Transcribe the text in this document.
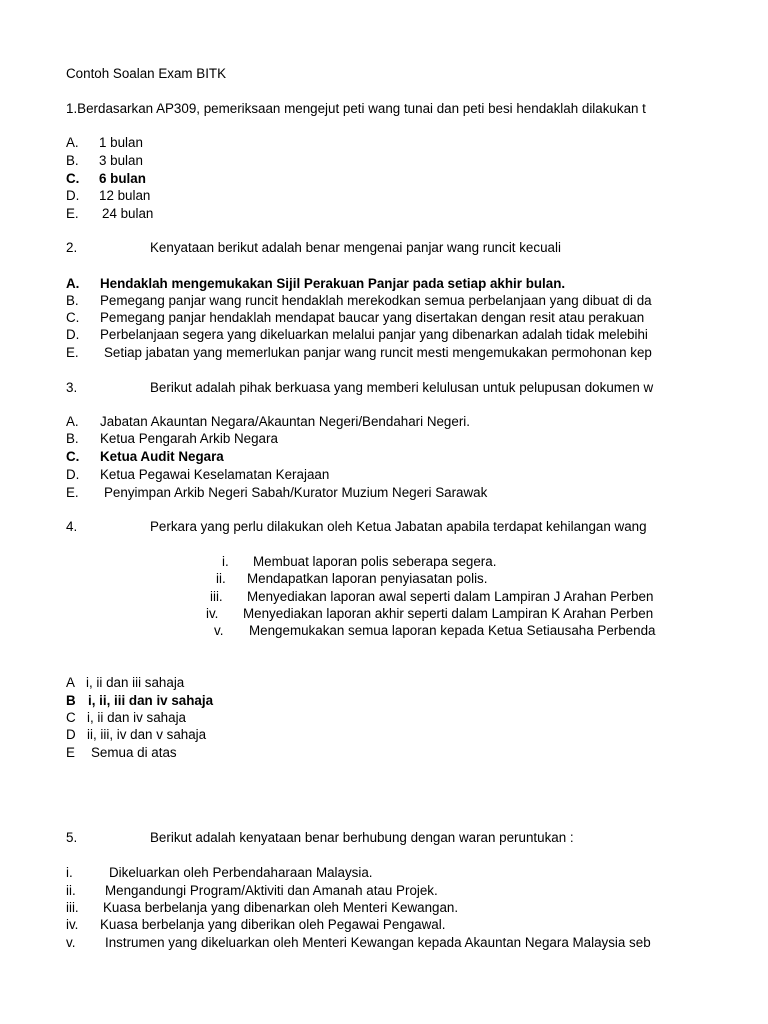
Contoh Soalan Exam BITK
1.Berdasarkan AP309, pemeriksaan mengejut peti wang tunai dan peti besi hendaklah dilakukan t
A. 1 bulan
B. 3 bulan
C. 6 bulan
D. 12 bulan
E. 24 bulan
2.	Kenyataan berikut adalah benar mengenai panjar wang runcit kecuali
A. Hendaklah mengemukakan Sijil Perakuan Panjar pada setiap akhir bulan.
B. Pemegang panjar wang runcit hendaklah merekodkan semua perbelanjaan yang dibuat di da
C. Pemegang panjar hendaklah mendapat baucar yang disertakan dengan resit atau perakuan
D. Perbelanjaan segera yang dikeluarkan melalui panjar yang dibenarkan adalah tidak melebihi
E. Setiap jabatan yang memerlukan panjar wang runcit mesti mengemukakan permohonan kep
3.	Berikut adalah pihak berkuasa yang memberi kelulusan untuk pelupusan dokumen w
A. Jabatan Akauntan Negara/Akauntan Negeri/Bendahari Negeri.
B. Ketua Pengarah Arkib Negara
C. Ketua Audit Negara
D. Ketua Pegawai Keselamatan Kerajaan
E. Penyimpan Arkib Negeri Sabah/Kurator Muzium Negeri Sarawak
4.	Perkara yang perlu dilakukan oleh Ketua Jabatan apabila terdapat kehilangan wang
i. Membuat laporan polis seberapa segera.
ii. Mendapatkan laporan penyiasatan polis.
iii. Menyediakan laporan awal seperti dalam Lampiran J Arahan Perben
iv. Menyediakan laporan akhir seperti dalam Lampiran K Arahan Perben
v. Mengemukakan semua laporan kepada Ketua Setiausaha Perbenda
A i, ii dan iii sahaja
B i, ii, iii dan iv sahaja
C i, ii dan iv sahaja
D ii, iii, iv dan v sahaja
E Semua di atas
5.	Berikut adalah kenyataan benar berhubung dengan waran peruntukan :
i.	Dikeluarkan oleh Perbendaharaan Malaysia.
ii. Mengandungi Program/Aktiviti dan Amanah atau Projek.
iii. Kuasa berbelanja yang dibenarkan oleh Menteri Kewangan.
iv. Kuasa berbelanja yang diberikan oleh Pegawai Pengawal.
v. Instrumen yang dikeluarkan oleh Menteri Kewangan kepada Akauntan Negara Malaysia seb
